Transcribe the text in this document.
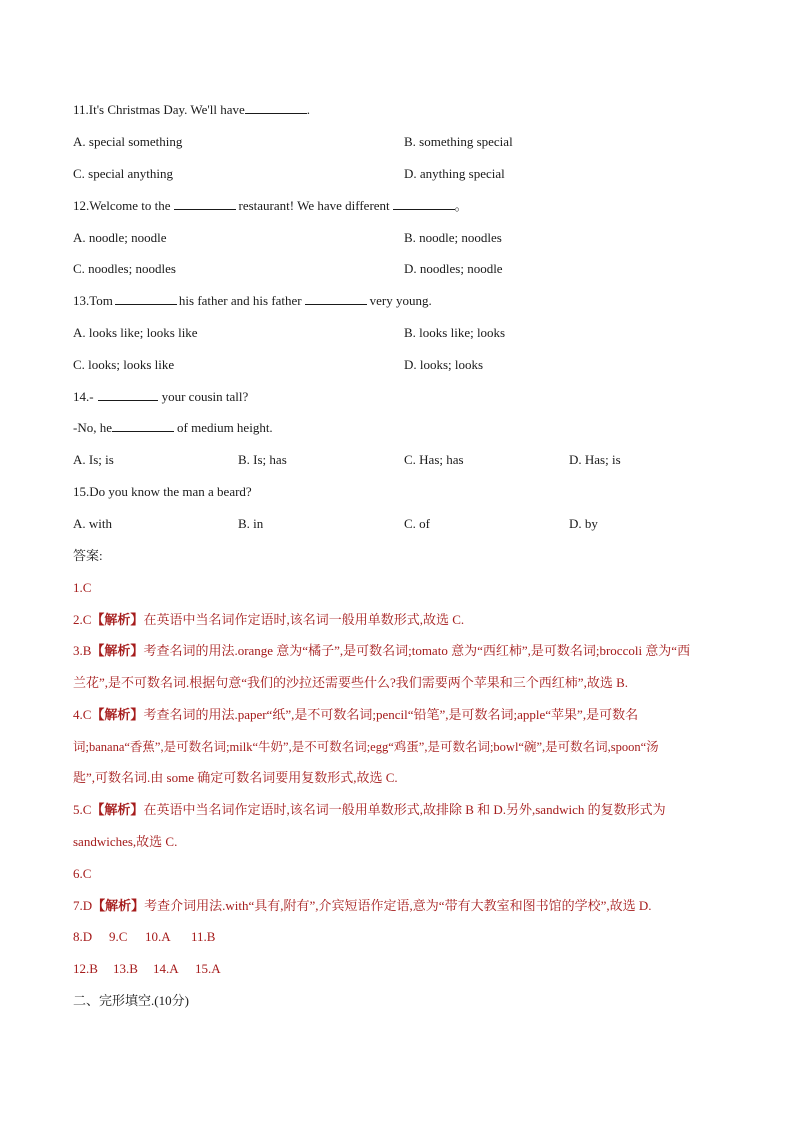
11.It's Christmas Day. We'll have	.
A. special something	B. something special
C. special anything	D. anything special
12.Welcome to the	restaurant! We have different	。
A. noodle; noodle	B. noodle; noodles
C. noodles; noodles	D. noodles; noodle
13.Tom	his father and his father	very young.
A. looks like; looks like	B. looks like; looks
C. looks; looks like	D. looks; looks
14.-	your cousin tall?
-No, he	of medium height.
A. Is; is	B. Is; has	C. Has; has	D. Has; is
15.Do you know the man a beard?
A. with	B. in	C. of	D. by
答案:
1.C
2.C【解析】在英语中当名词作定语时,该名词一般用单数形式,故选 C.
3.B【解析】考查名词的用法.orange 意为“橘子”,是可数名词;tomato 意为“西红柿”,是可数名词;broccoli 意为“西
兰花”,是不可数名词.根据句意“我们的沙拉还需要些什么?我们需要两个苹果和三个西红柿”,故选 B.
4.C【解析】考查名词的用法.paper“纸”,是不可数名词;pencil“铅笔”,是可数名词;apple“苹果”,是可数名
词;banana“香蕉”,是可数名词;milk“牛奶”,是不可数名词;egg“鸡蛋”,是可数名词;bowl“碗”,是可数名词,spoon“汤
匙”,可数名词.由 some 确定可数名词要用复数形式,故选 C.
5.C【解析】在英语中当名词作定语时,该名词一般用单数形式,故排除 B 和 D.另外,sandwich 的复数形式为
sandwiches,故选 C.
6.C
7.D【解析】考查介词用法.with“具有,附有”,介宾短语作定语,意为“带有大教室和图书馆的学校”,故选 D.
8.D 9.C 10.A 11.B
12.B 13.B 14.A 15.A
二、完形填空.(10分)
